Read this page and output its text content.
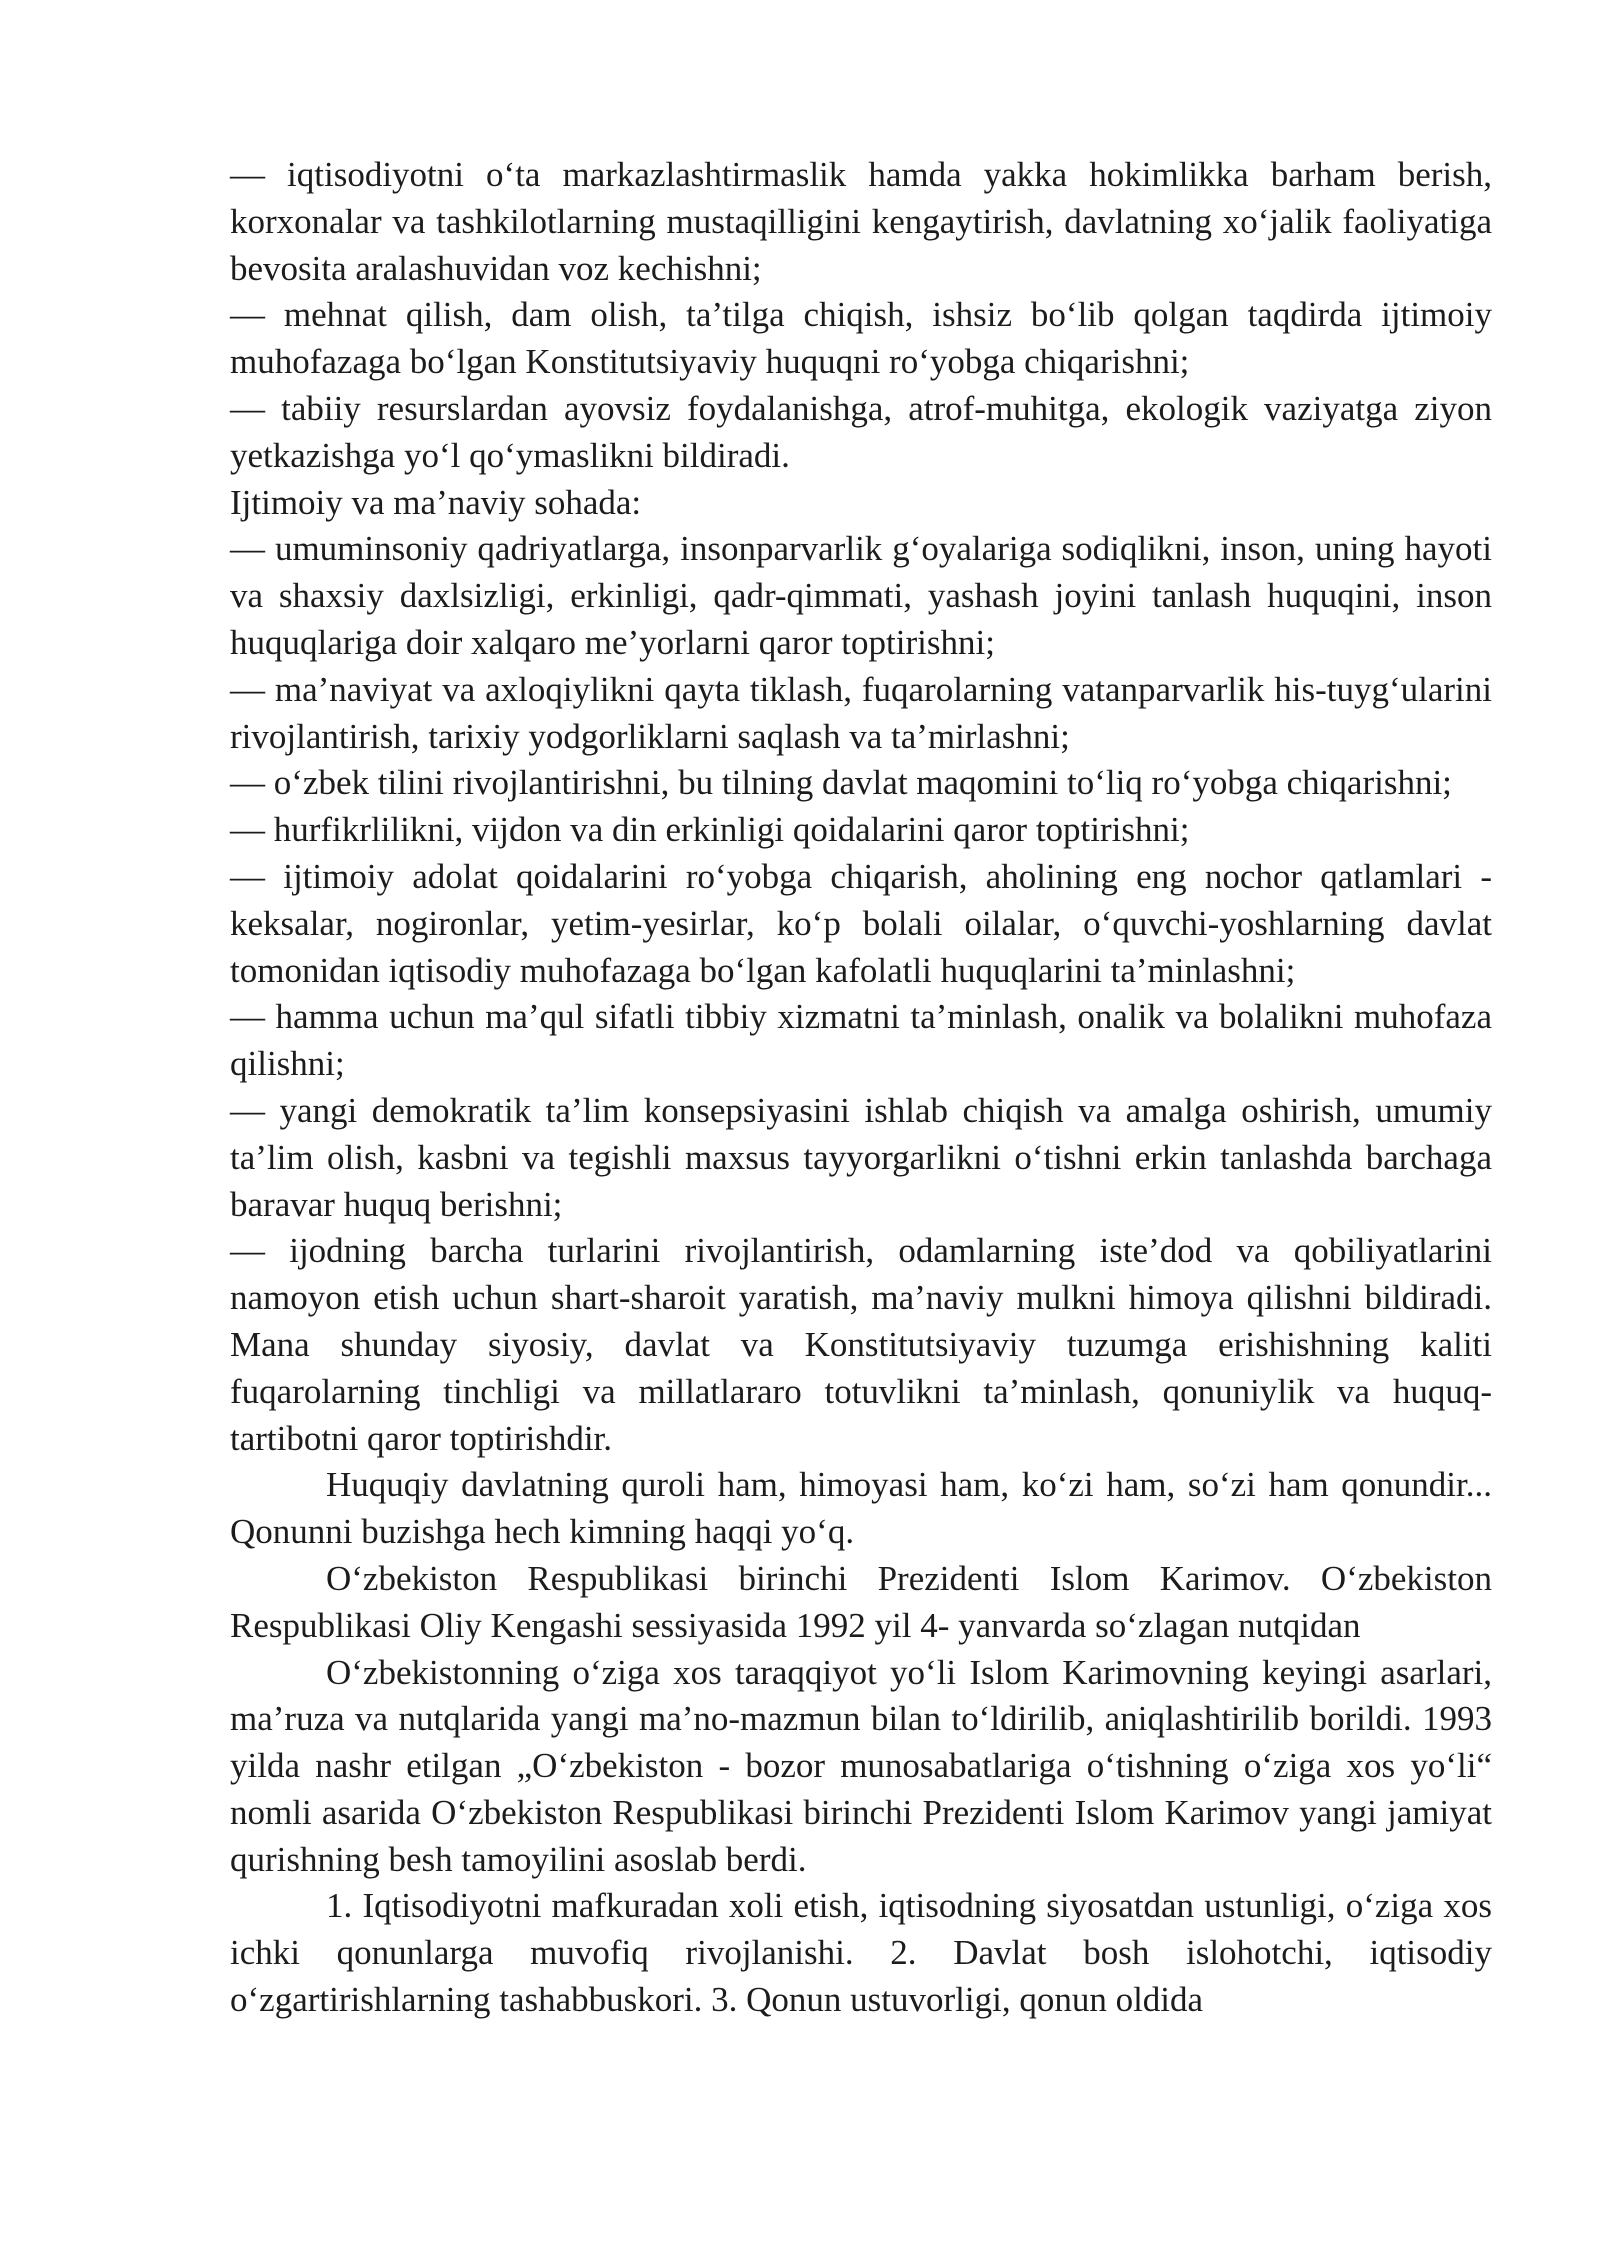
— iqtisodiyotni o‘ta markazlashtirmaslik hamda yakka hokimlikka barham berish, korxonalar va tashkilotlarning mustaqilligini kengaytirish, davlatning xo‘jalik faoliyatiga bevosita aralashuvidan voz kechishni;

— mehnat qilish, dam olish, ta’tilga chiqish, ishsiz bo‘lib qolgan taqdirda ijtimoiy muhofazaga bo‘lgan Konstitutsiyaviy huquqni ro‘yobga chiqarishni;

— tabiiy resurslardan ayovsiz foydalanishga, atrof-muhitga, ekologik vaziyatga ziyon yetkazishga yo‘l qo‘ymaslikni bildiradi.

Ijtimoiy va ma’naviy sohada:

— umuminsoniy qadriyatlarga, insonparvarlik g‘oyalariga sodiqlikni, inson, uning hayoti va shaxsiy daxlsizligi, erkinligi, qadr-qimmati, yashash joyini tanlash huquqini, inson huquqlariga doir xalqaro me’yorlarni qaror toptirishni;

— ma’naviyat va axloqiylikni qayta tiklash, fuqarolarning vatanparvarlik his-tuyg‘ularini rivojlantirish, tarixiy yodgorliklarni saqlash va ta’mirlashni;

— o‘zbek tilini rivojlantirishni, bu tilning davlat maqomini to‘liq ro‘yobga chiqarishni;

— hurfikrlilikni, vijdon va din erkinligi qoidalarini qaror toptirishni;

— ijtimoiy adolat qoidalarini ro‘yobga chiqarish, aholining eng nochor qatlamlari - keksalar, nogironlar, yetim-yesirlar, ko‘p bolali oilalar, o‘quvchi-yoshlarning davlat tomonidan iqtisodiy muhofazaga bo‘lgan kafolatli huquqlarini ta’minlashni;

— hamma uchun ma’qul sifatli tibbiy xizmatni ta’minlash, onalik va bolalikni muhofaza qilishni;

— yangi demokratik ta’lim konsepsiyasini ishlab chiqish va amalga oshirish, umumiy ta’lim olish, kasbni va tegishli maxsus tayyorgarlikni o‘tishni erkin tanlashda barchaga baravar huquq berishni;

— ijodning barcha turlarini rivojlantirish, odamlarning iste’dod va qobiliyatlarini namoyon etish uchun shart-sharoit yaratish, ma’naviy mulkni himoya qilishni bildiradi. Mana shunday siyosiy, davlat va Konstitutsiyaviy tuzumga erishishning kaliti fuqarolarning tinchligi va millatlararo totuvlikni ta’minlash, qonuniylik va huquq-tartibotni qaror toptirishdir.

Huquqiy davlatning quroli ham, himoyasi ham, ko‘zi ham, so‘zi ham qonundir... Qonunni buzishga hech kimning haqqi yo‘q.

O‘zbekiston Respublikasi birinchi Prezidenti Islom Karimov. O‘zbekiston Respublikasi Oliy Kengashi sessiyasida 1992 yil 4- yanvarda so‘zlagan nutqidan

O‘zbekistonning o‘ziga xos taraqqiyot yo‘li Islom Karimovning keyingi asarlari, ma’ruza va nutqlarida yangi ma’no-mazmun bilan to‘ldirilib, aniqlashtirilib borildi. 1993 yilda nashr etilgan „O‘zbekiston - bozor munosabatlariga o‘tishning o‘ziga xos yo‘li“ nomli asarida O‘zbekiston Respublikasi birinchi Prezidenti Islom Karimov yangi jamiyat qurishning besh tamoyilini asoslab berdi.

1. Iqtisodiyotni mafkuradan xoli etish, iqtisodning siyosatdan ustunligi, o‘ziga xos ichki qonunlarga muvofiq rivojlanishi. 2. Davlat bosh islohotchi, iqtisodiy o‘zgartirishlarning tashabbuskori. 3. Qonun ustuvorligi, qonun oldida
